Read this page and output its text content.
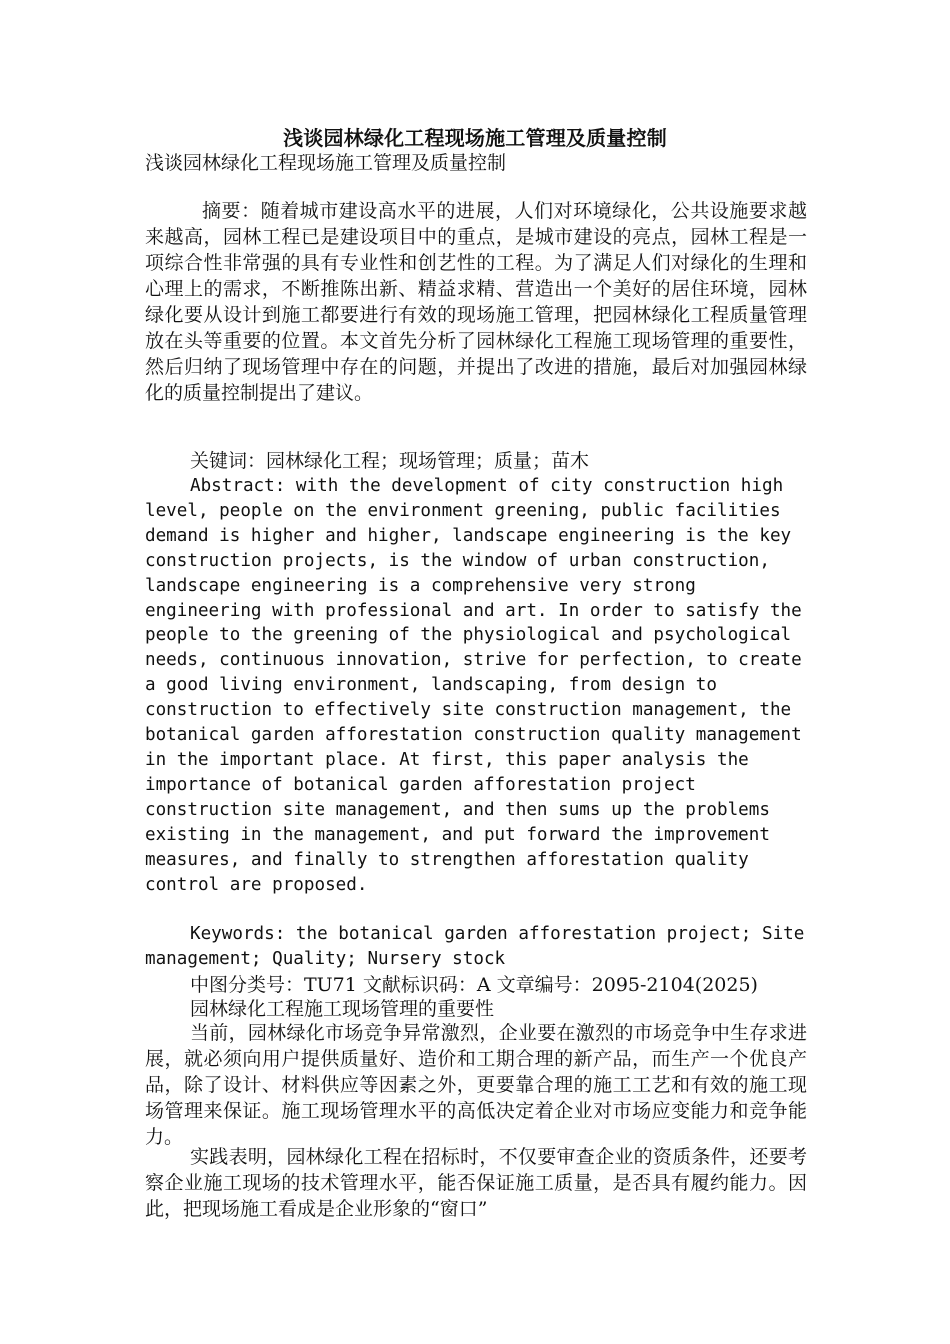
浅谈园林绿化工程现场施工管理及质量控制
浅谈园林绿化工程现场施工管理及质量控制
摘要：随着城市建设高水平的进展，人们对环境绿化，公共设施要求越来越高，园林工程已是建设项目中的重点，是城市建设的亮点，园林工程是一项综合性非常强的具有专业性和创艺性的工程。为了满足人们对绿化的生理和心理上的需求，不断推陈出新、精益求精、营造出一个美好的居住环境，园林绿化要从设计到施工都要进行有效的现场施工管理，把园林绿化工程质量管理放在头等重要的位置。本文首先分析了园林绿化工程施工现场管理的重要性，然后归纳了现场管理中存在的问题，并提出了改进的措施，最后对加强园林绿化的质量控制提出了建议。
关键词：园林绿化工程；现场管理；质量；苗木
Abstract: with the development of city construction high level, people on the environment greening, public facilities demand is higher and higher, landscape engineering is the key construction projects, is the window of urban construction, landscape engineering is a comprehensive very strong engineering with professional and art. In order to satisfy the people to the greening of the physiological and psychological needs, continuous innovation, strive for perfection, to create a good living environment, landscaping, from design to construction to effectively site construction management, the botanical garden afforestation construction quality management in the important place. At first, this paper analysis the importance of botanical garden afforestation project construction site management, and then sums up the problems existing in the management, and put forward the improvement measures, and finally to strengthen afforestation quality control are proposed.
Keywords: the botanical garden afforestation project; Site management; Quality; Nursery stock
中图分类号：TU71 文献标识码：A 文章编号：2095-2104(2025)
园林绿化工程施工现场管理的重要性
当前，园林绿化市场竞争异常激烈，企业要在激烈的市场竞争中生存求进展，就必须向用户提供质量好、造价和工期合理的新产品，而生产一个优良产品，除了设计、材料供应等因素之外，更要靠合理的施工工艺和有效的施工现场管理来保证。施工现场管理水平的高低决定着企业对市场应变能力和竞争能力。
实践表明，园林绿化工程在招标时，不仅要审查企业的资质条件，还要考察企业施工现场的技术管理水平，能否保证施工质量，是否具有履约能力。因此，把现场施工看成是企业形象的“窗口”
